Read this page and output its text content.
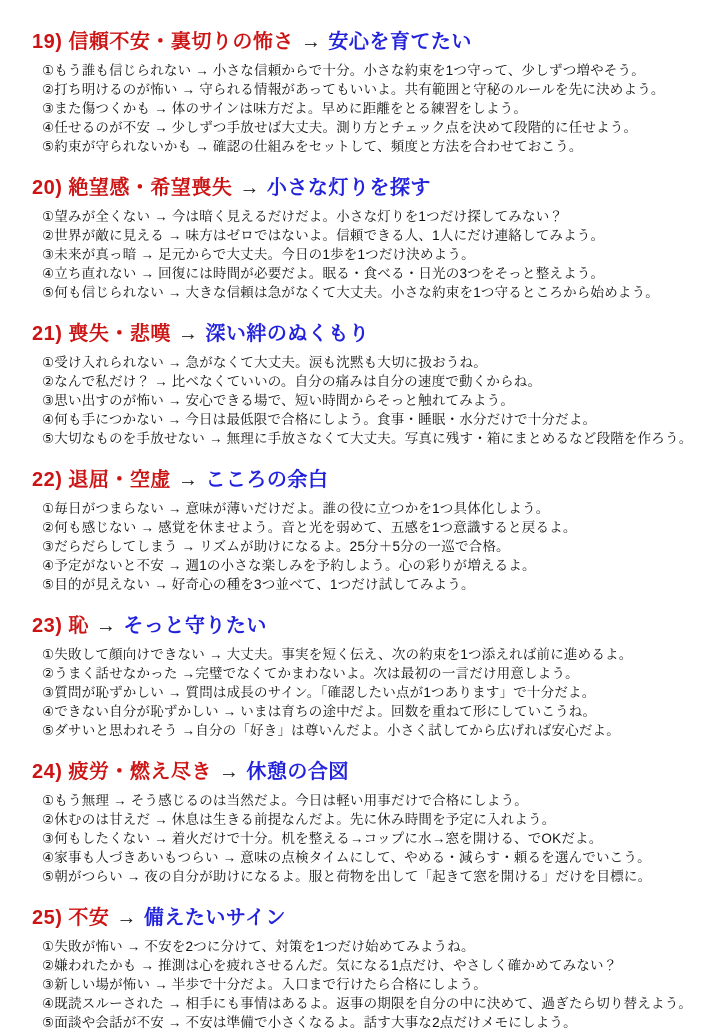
19) 信頼不安・裏切りの怖さ → 安心を育てたい

①もう誰も信じられない → 小さな信頼からで十分。小さな約束を1つ守って、少しずつ増やそう。

②打ち明けるのが怖い → 守られる情報があってもいいよ。共有範囲と守秘のルールを先に決めよう。

③また傷つくかも → 体のサインは味方だよ。早めに距離をとる練習をしよう。

④任せるのが不安 → 少しずつ手放せば大丈夫。測り方とチェック点を決めて段階的に任せよう。

⑤約束が守られないかも → 確認の仕組みをセットして、頻度と方法を合わせておこう。

20) 絶望感・希望喪失 → 小さな灯りを探す

①望みが全くない → 今は暗く見えるだけだよ。小さな灯りを1つだけ探してみない？

②世界が敵に見える → 味方はゼロではないよ。信頼できる人、1人にだけ連絡してみよう。

③未来が真っ暗 → 足元からで大丈夫。今日の1歩を1つだけ決めよう。

④立ち直れない → 回復には時間が必要だよ。眠る・食べる・日光の3つをそっと整えよう。

⑤何も信じられない → 大きな信頼は急がなくて大丈夫。小さな約束を1つ守るところから始めよう。

21) 喪失・悲嘆 → 深い絆のぬくもり

①受け入れられない → 急がなくて大丈夫。涙も沈黙も大切に扱おうね。

②なんで私だけ？ → 比べなくていいの。自分の痛みは自分の速度で動くからね。

③思い出すのが怖い → 安心できる場で、短い時間からそっと触れてみよう。

④何も手につかない → 今日は最低限で合格にしよう。食事・睡眠・水分だけで十分だよ。

⑤大切なものを手放せない → 無理に手放さなくて大丈夫。写真に残す・箱にまとめるなど段階を作ろう。

22) 退屈・空虚 → こころの余白

①毎日がつまらない → 意味が薄いだけだよ。誰の役に立つかを1つ具体化しよう。

②何も感じない → 感覚を休ませよう。音と光を弱めて、五感を1つ意識すると戻るよ。

③だらだらしてしまう → リズムが助けになるよ。25分＋5分の一巡で合格。

④予定がないと不安 → 週1の小さな楽しみを予約しよう。心の彩りが増えるよ。

⑤目的が見えない → 好奇心の種を3つ並べて、1つだけ試してみよう。

23) 恥 → そっと守りたい

①失敗して顔向けできない → 大丈夫。事実を短く伝え、次の約束を1つ添えれば前に進めるよ。

②うまく話せなかった →完璧でなくてかまわないよ。次は最初の一言だけ用意しよう。

③質問が恥ずかしい → 質問は成長のサイン。「確認したい点が1つあります」で十分だよ。

④できない自分が恥ずかしい → いまは育ちの途中だよ。回数を重ねて形にしていこうね。

⑤ダサいと思われそう →自分の「好き」は尊いんだよ。小さく試してから広げれば安心だよ。

24) 疲労・燃え尽き → 休憩の合図

①もう無理 → そう感じるのは当然だよ。今日は軽い用事だけで合格にしよう。

②休むのは甘えだ → 休息は生きる前提なんだよ。先に休み時間を予定に入れよう。

③何もしたくない → 着火だけで十分。机を整える→コップに水→窓を開ける、でOKだよ。

④家事も人づきあいもつらい → 意味の点検タイムにして、やめる・減らす・頼るを選んでいこう。

⑤朝がつらい → 夜の自分が助けになるよ。服と荷物を出して「起きて窓を開ける」だけを目標に。

25) 不安 → 備えたいサイン

①失敗が怖い → 不安を2つに分けて、対策を1つだけ始めてみようね。

②嫌われたかも → 推測は心を疲れさせるんだ。気になる1点だけ、やさしく確かめてみない？

③新しい場が怖い → 半歩で十分だよ。入口まで行けたら合格にしよう。

④既読スルーされた → 相手にも事情はあるよ。返事の期限を自分の中に決めて、過ぎたら切り替えよう。

⑤面談や会話が不安 → 不安は準備で小さくなるよ。話す大事な2点だけメモにしよう。
